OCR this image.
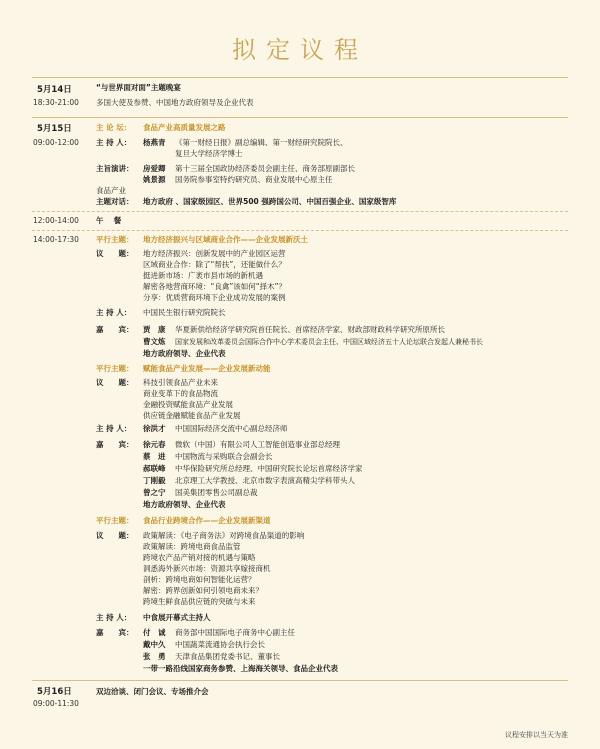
拟定议程
5月14日	“与世界面对面”主题晚宴
18:30-21:00 多国大使及参赞、中国地方政府领导及企业代表
5月15日	主 论 坛： 食品产业高质量发展之路
09:00-12:00 主 持 人： 杨燕青 《第一财经日报》副总编辑、第一财经研究院院长、
复旦大学经济学博士
主旨演讲： 房爱卿 第十三届全国政协经济委员会副主任、商务部原副部长
姚景源 国务院参事室特约研究员、商业发展中心原主任
食品产业
主题对话： 地方政府 、国家级园区、世界500 强跨国公司、中国百强企业、国家级智库
12:00-14:00 午　 餐
14:00-17:30 平行主题： 地方经济振兴与区域商业合作——企业发展新沃土
议　　题： 地方经济振兴：创新发展中的产业园区运营
区域商业合作：除了“帮扶”，还能做什么？
挺进新市场：广袤市县市场的新机遇
解密各地营商环境：“良禽”该如何“择木”？
分享：优质营商环境下企业成功发展的案例
主 持 人： 中国民生银行研究院院长
嘉　　宾： 贾　康 华夏新供给经济学研究院首任院长、首席经济学家、财政部财政科学研究所原所长
曹文炼 国家发展和改革委员会国际合作中心学术委员会主任、中国区域经济五十人论坛联合发起人兼秘书长
地方政府领导、企业代表
平行主题： 赋能食品产业发展——企业发展新动能
议　　题： 科技引领食品产业未来
商业变革下的食品物流
金融投资赋能食品产业发展
供应链金融赋能食品产业发展
主 持 人： 徐洪才 中国国际经济交流中心副总经济师
嘉　　宾： 徐元春 微软（中国）有限公司人工智能创造事业部总经理
蔡　进 中国物流与采购联合会副会长
郝联峰 中华保险研究所总经理、中国研究院长论坛首席经济学家
丁刚毅 北京理工大学教授、北京市数字表演高精尖学科带头人
曾之宁 国美集团零售公司副总裁
地方政府领导、企业代表
平行主题： 食品行业跨境合作——企业发展新渠道
议　　题： 政策解读：《电子商务法》对跨境食品渠道的影响
政策解读：跨境电商食品监管
跨境农产品产销对接的机遇与策略
洞悉海外新兴市场：资源共享嫁接商机
剖析：跨境电商如何智能化运营？
解密：跨界创新如何引领电商未来？
跨境生鲜食品供应链的突破与未来
主 持 人： 中食展开幕式主持人
嘉　　宾： 付　诚 商务部中国国际电子商务中心副主任
戴中久 中国蔬菜流通协会执行会长
张　勇 天津食品集团党委书记、董事长
一带一路沿线国家商务参赞、上海海关领导、食品企业代表
5月16日	双边洽谈、闭门会议、专场推介会
09:00-11:30
议程安排以当天为准
